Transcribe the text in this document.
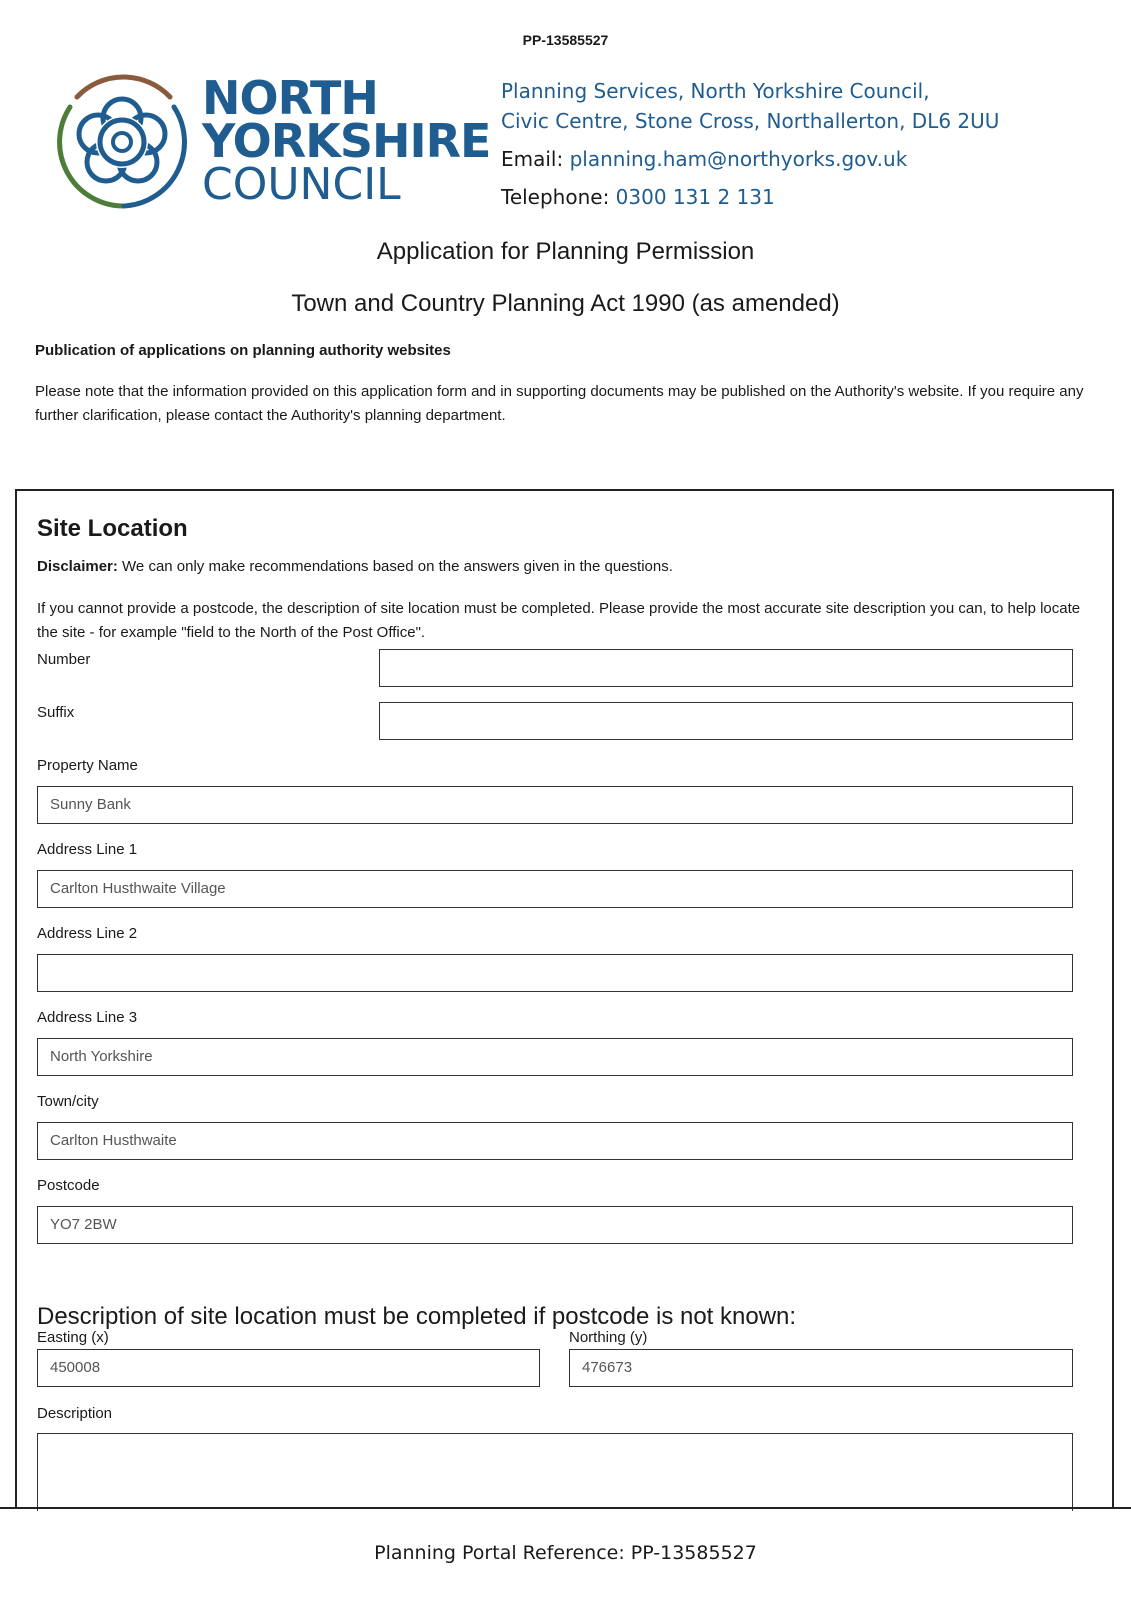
PP-13585527
NORTH
YORKSHIRE
COUNCIL
Planning Services, North Yorkshire Council,
Civic Centre, Stone Cross, Northallerton, DL6 2UU
Email: planning.ham@northyorks.gov.uk
Telephone: 0300 131 2 131
Application for Planning Permission
Town and Country Planning Act 1990 (as amended)
Publication of applications on planning authority websites
Please note that the information provided on this application form and in supporting documents may be published on the Authority's website. If you require any further clarification, please contact the Authority's planning department.
Site Location
Disclaimer: We can only make recommendations based on the answers given in the questions.
If you cannot provide a postcode, the description of site location must be completed. Please provide the most accurate site description you can, to help locate the site - for example "field to the North of the Post Office".
Number
Suffix
Property Name
Sunny Bank
Address Line 1
Carlton Husthwaite Village
Address Line 2
Address Line 3
North Yorkshire
Town/city
Carlton Husthwaite
Postcode
YO7 2BW
Description of site location must be completed if postcode is not known:
Easting (x)
450008
Northing (y)
476673
Description
Planning Portal Reference: PP-13585527
